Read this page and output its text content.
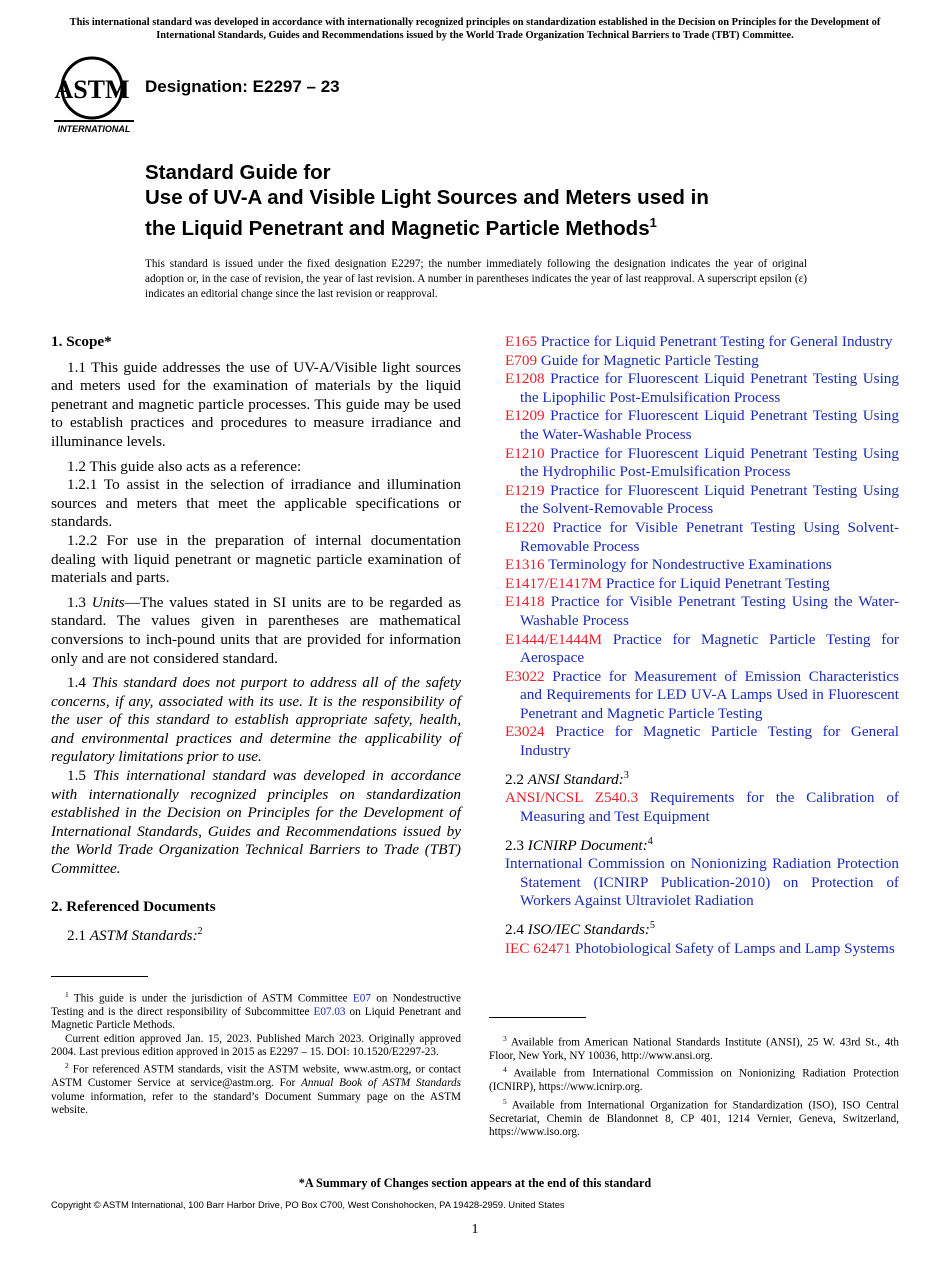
This international standard was developed in accordance with internationally recognized principles on standardization established in the Decision on Principles for the Development of International Standards, Guides and Recommendations issued by the World Trade Organization Technical Barriers to Trade (TBT) Committee.
ASTM
INTERNATIONAL
Designation: E2297 – 23
Standard Guide for
Use of UV-A and Visible Light Sources and Meters used in
the Liquid Penetrant and Magnetic Particle Methods$^1$
This standard is issued under the fixed designation E2297; the number immediately following the designation indicates the year of original adoption or, in the case of revision, the year of last revision. A number in parentheses indicates the year of last reapproval. A superscript epsilon (ε) indicates an editorial change since the last revision or reapproval.
1. Scope*

1.1 This guide addresses the use of UV-A/Visible light sources and meters used for the examination of materials by the liquid penetrant and magnetic particle processes. This guide may be used to establish practices and procedures to measure irradiance and illuminance levels.

1.2 This guide also acts as a reference:

1.2.1 To assist in the selection of irradiance and illumination sources and meters that meet the applicable specifications or standards.

1.2.2 For use in the preparation of internal documentation dealing with liquid penetrant or magnetic particle examination of materials and parts.

1.3 Units—The values stated in SI units are to be regarded as standard. The values given in parentheses are mathematical conversions to inch-pound units that are provided for information only and are not considered standard.

1.4 This standard does not purport to address all of the safety concerns, if any, associated with its use. It is the responsibility of the user of this standard to establish appropriate safety, health, and environmental practices and determine the applicability of regulatory limitations prior to use.

1.5 This international standard was developed in accordance with internationally recognized principles on standardization established in the Decision on Principles for the Development of International Standards, Guides and Recommendations issued by the World Trade Organization Technical Barriers to Trade (TBT) Committee.

2. Referenced Documents

2.1 ASTM Standards:$^2$

E165 Practice for Liquid Penetrant Testing for General Industry

E709 Guide for Magnetic Particle Testing

E1208 Practice for Fluorescent Liquid Penetrant Testing Using the Lipophilic Post-Emulsification Process

E1209 Practice for Fluorescent Liquid Penetrant Testing Using the Water-Washable Process

E1210 Practice for Fluorescent Liquid Penetrant Testing Using the Hydrophilic Post-Emulsification Process

E1219 Practice for Fluorescent Liquid Penetrant Testing Using the Solvent-Removable Process

E1220 Practice for Visible Penetrant Testing Using Solvent-Removable Process

E1316 Terminology for Nondestructive Examinations

E1417/E1417M Practice for Liquid Penetrant Testing

E1418 Practice for Visible Penetrant Testing Using the Water-Washable Process

E1444/E1444M Practice for Magnetic Particle Testing for Aerospace

E3022 Practice for Measurement of Emission Characteristics and Requirements for LED UV-A Lamps Used in Fluorescent Penetrant and Magnetic Particle Testing

E3024 Practice for Magnetic Particle Testing for General Industry

2.2 ANSI Standard:$^3$

ANSI/NCSL Z540.3 Requirements for the Calibration of Measuring and Test Equipment

2.3 ICNIRP Document:$^4$

International Commission on Nonionizing Radiation Protection Statement (ICNIRP Publication-2010) on Protection of Workers Against Ultraviolet Radiation

2.4 ISO/IEC Standards:$^5$

IEC 62471 Photobiological Safety of Lamps and Lamp Systems

$^1$ This guide is under the jurisdiction of ASTM Committee E07 on Nondestructive Testing and is the direct responsibility of Subcommittee E07.03 on Liquid Penetrant and Magnetic Particle Methods.

Current edition approved Jan. 15, 2023. Published March 2023. Originally approved 2004. Last previous edition approved in 2015 as E2297 – 15. DOI: 10.1520/E2297-23.

$^2$ For referenced ASTM standards, visit the ASTM website, www.astm.org, or contact ASTM Customer Service at service@astm.org. For Annual Book of ASTM Standards volume information, refer to the standard’s Document Summary page on the ASTM website.

$^3$ Available from American National Standards Institute (ANSI), 25 W. 43rd St., 4th Floor, New York, NY 10036, http://www.ansi.org.

$^4$ Available from International Commission on Nonionizing Radiation Protection (ICNIRP), https://www.icnirp.org.

$^5$ Available from International Organization for Standardization (ISO), ISO Central Secretariat, Chemin de Blandonnet 8, CP 401, 1214 Vernier, Geneva, Switzerland, https://www.iso.org.

*A Summary of Changes section appears at the end of this standard
Copyright © ASTM International, 100 Barr Harbor Drive, PO Box C700, West Conshohocken, PA 19428-2959. United States
1
